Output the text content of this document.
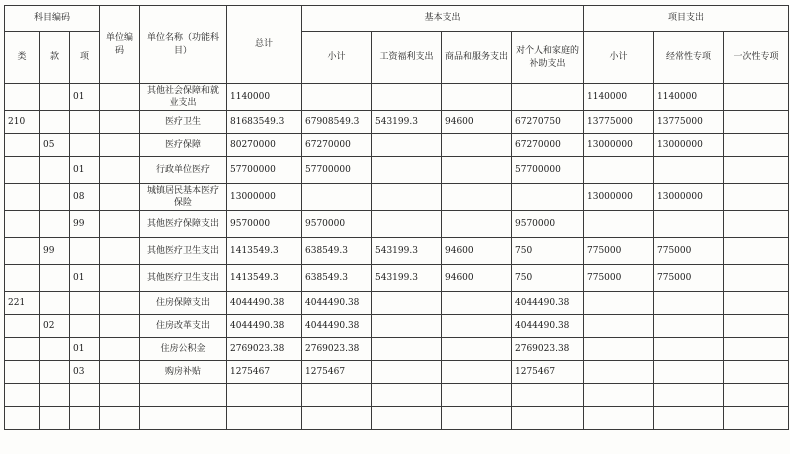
科目编码			单位编码	单位名称（功能科目）	总计	基本支出				项目支出		
类	款	项				小计	工资福利支出	商品和服务支出	对个人和家庭的补助支出	小计	经常性专项	一次性专项
		01		其他社会保障和就业支出	1140000					1140000	1140000	
210				医疗卫生	81683549.3	67908549.3	543199.3	94600	67270750	13775000	13775000	
	05			医疗保障	80270000	67270000			67270000	13000000	13000000	
		01		行政单位医疗	57700000	57700000			57700000			
		08		城镇居民基本医疗保险	13000000					13000000	13000000	
		99		其他医疗保障支出	9570000	9570000			9570000			
	99			其他医疗卫生支出	1413549.3	638549.3	543199.3	94600	750	775000	775000	
		01		其他医疗卫生支出	1413549.3	638549.3	543199.3	94600	750	775000	775000	
221				住房保障支出	4044490.38	4044490.38			4044490.38			
	02			住房改革支出	4044490.38	4044490.38			4044490.38			
		01		住房公积金	2769023.38	2769023.38			2769023.38			
		03		购房补贴	1275467	1275467			1275467			
